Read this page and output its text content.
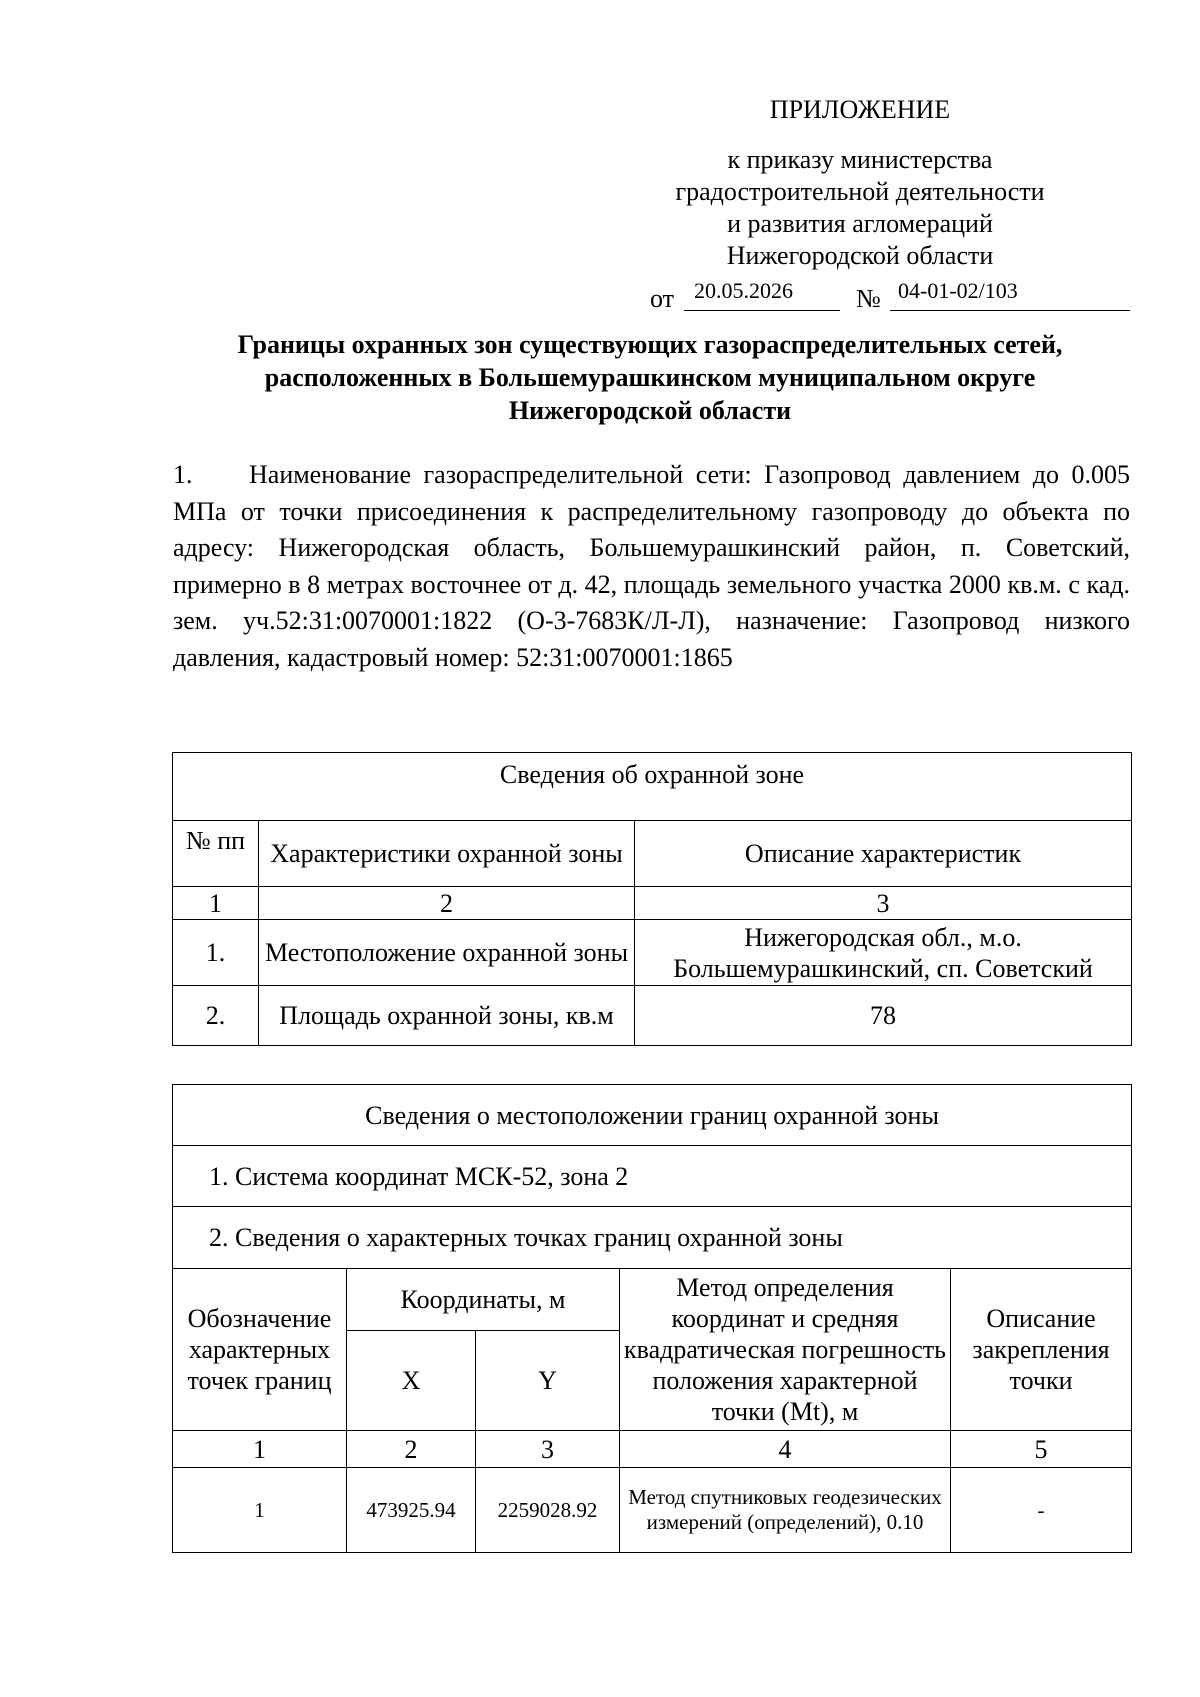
ПРИЛОЖЕНИЕ
к приказу министерства
градостроительной деятельности
и развития агломераций
Нижегородской области
от 20.05.2026 № 04-01-02/103
Границы охранных зон существующих газораспределительных сетей,
расположенных в Большемурашкинском муниципальном округе
Нижегородской области
1. Наименование газораспределительной сети: Газопровод давлением до 0.005 МПа от точки присоединения к распределительному газопроводу до объекта по адресу: Нижегородская область, Большемурашкинский район, п. Советский, примерно в 8 метрах восточнее от д. 42, площадь земельного участка 2000 кв.м. с кад. зем. уч.52:31:0070001:1822 (О-3-7683К/Л-Л), назначение: Газопровод низкого давления, кадастровый номер: 52:31:0070001:1865
Сведения об охранной зоне		
№ пп	Характеристики охранной зоны	Описание характеристик
1	2	3
1.	Местоположение охранной зоны	Нижегородская обл., м.о. Большемурашкинский, сп. Советский
2.	Площадь охранной зоны, кв.м	78
Сведения о местоположении границ охранной зоны				
1. Система координат МСК-52, зона 2				
2. Сведения о характерных точках границ охранной зоны				
Обозначение характерных точек границ	Координаты, м		Метод определения координат и средняя квадратическая погрешность положения характерной точки (Mt), м	Описание закрепления точки
	X	Y		
1	2	3	4	5
1	473925.94	2259028.92	Метод спутниковых геодезических измерений (определений), 0.10	-
